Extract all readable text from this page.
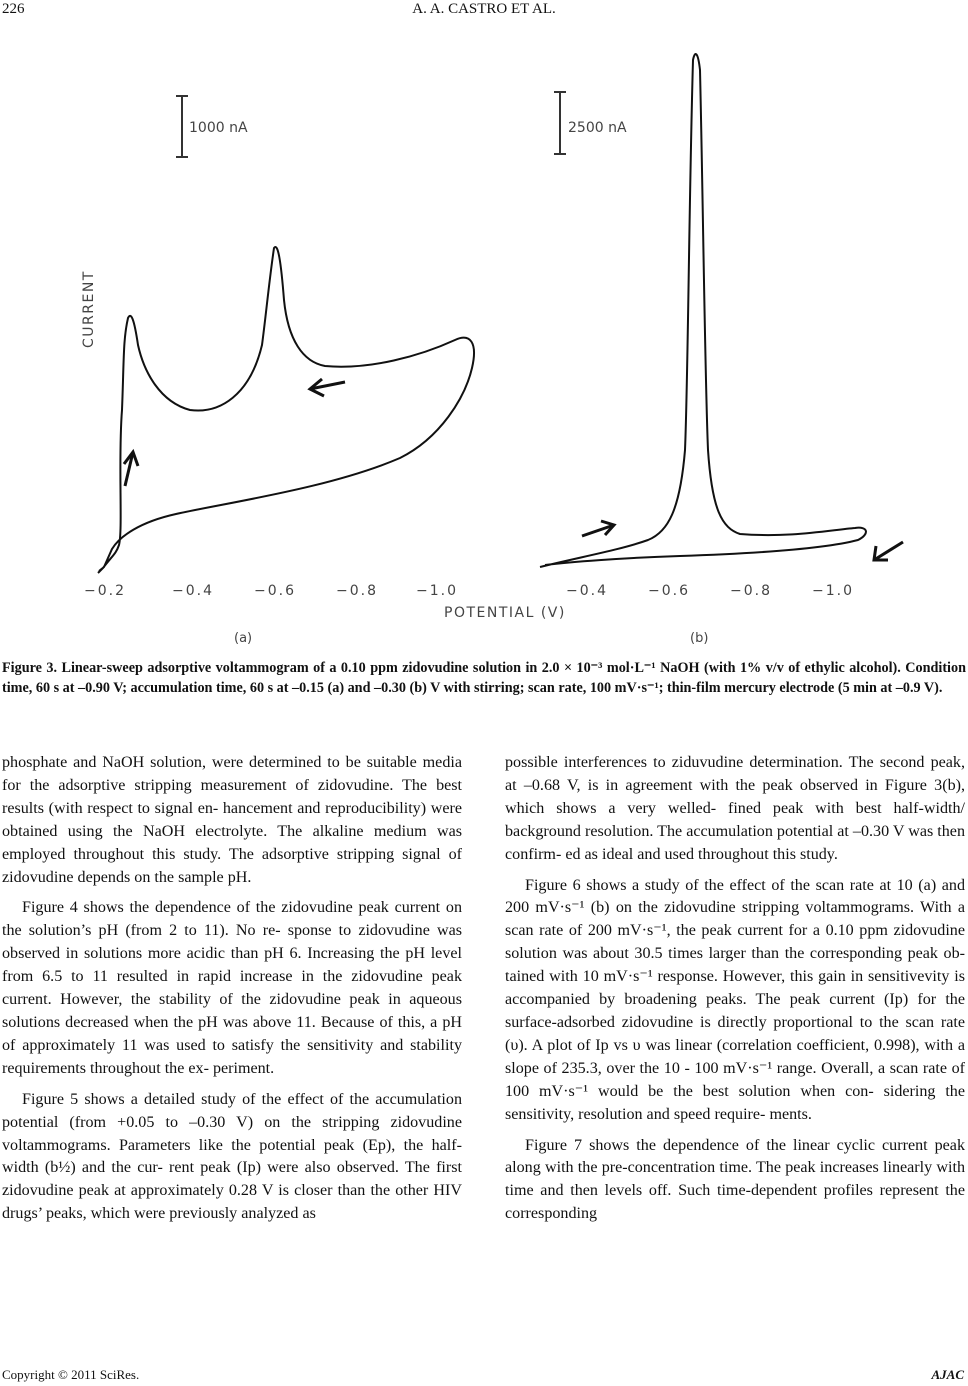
226	A. A. CASTRO ET AL.
1000 nA	2500 nA
CURRENT
−0.2	−0.4	−0.6	−0.8	−1.0	−0.4	−0.6	−0.8	−1.0
POTENTIAL (V)
(a)	(b)
Figure 3. Linear-sweep adsorptive voltammogram of a 0.10 ppm zidovudine solution in 2.0 × 10⁻³ mol·L⁻¹ NaOH (with 1% v/v of ethylic alcohol). Condition time, 60 s at –0.90 V; accumulation time, 60 s at –0.15 (a) and –0.30 (b) V with stirring; scan rate, 100 mV·s⁻¹; thin-film mercury electrode (5 min at –0.9 V).

phosphate and NaOH solution, were determined to be suitable media for the adsorptive stripping measurement of zidovudine. The best results (with respect to signal en- hancement and reproducibility) were obtained using the NaOH electrolyte. The alkaline medium was employed throughout this study. The adsorptive stripping signal of zidovudine depends on the sample pH.

Figure 4 shows the dependence of the zidovudine peak current on the solution’s pH (from 2 to 11). No re- sponse to zidovudine was observed in solutions more acidic than pH 6. Increasing the pH level from 6.5 to 11 resulted in rapid increase in the zidovudine peak current. However, the stability of the zidovudine peak in aqueous solutions decreased when the pH was above 11. Because of this, a pH of approximately 11 was used to satisfy the sensitivity and stability requirements throughout the ex- periment.

Figure 5 shows a detailed study of the effect of the accumulation potential (from +0.05 to –0.30 V) on the stripping zidovudine voltammograms. Parameters like the potential peak (Ep), the half-width (b½) and the cur- rent peak (Ip) were also observed. The first zidovudine peak at approximately 0.28 V is closer than the other HIV drugs’ peaks, which were previously analyzed as

possible interferences to ziduvudine determination. The second peak, at –0.68 V, is in agreement with the peak observed in Figure 3(b), which shows a very welled- fined peak with best half-width/ background resolution. The accumulation potential at –0.30 V was then confirm- ed as ideal and used throughout this study.

Figure 6 shows a study of the effect of the scan rate at 10 (a) and 200 mV·s⁻¹ (b) on the zidovudine stripping voltammograms. With a scan rate of 200 mV·s⁻¹, the peak current for a 0.10 ppm zidovudine solution was about 30.5 times larger than the corresponding peak ob- tained with 10 mV·s⁻¹ response. However, this gain in sensitivevity is accompanied by broadening peaks. The peak current (Ip) for the surface-adsorbed zidovudine is directly proportional to the scan rate (υ). A plot of Ip vs υ was linear (correlation coefficient, 0.998), with a slope of 235.3, over the 10 - 100 mV·s⁻¹ range. Overall, a scan rate of 100 mV·s⁻¹ would be the best solution when con- sidering the sensitivity, resolution and speed require- ments.

Figure 7 shows the dependence of the linear cyclic current peak along with the pre-concentration time. The peak increases linearly with time and then levels off. Such time-dependent profiles represent the corresponding

Copyright © 2011 SciRes.	AJAC
